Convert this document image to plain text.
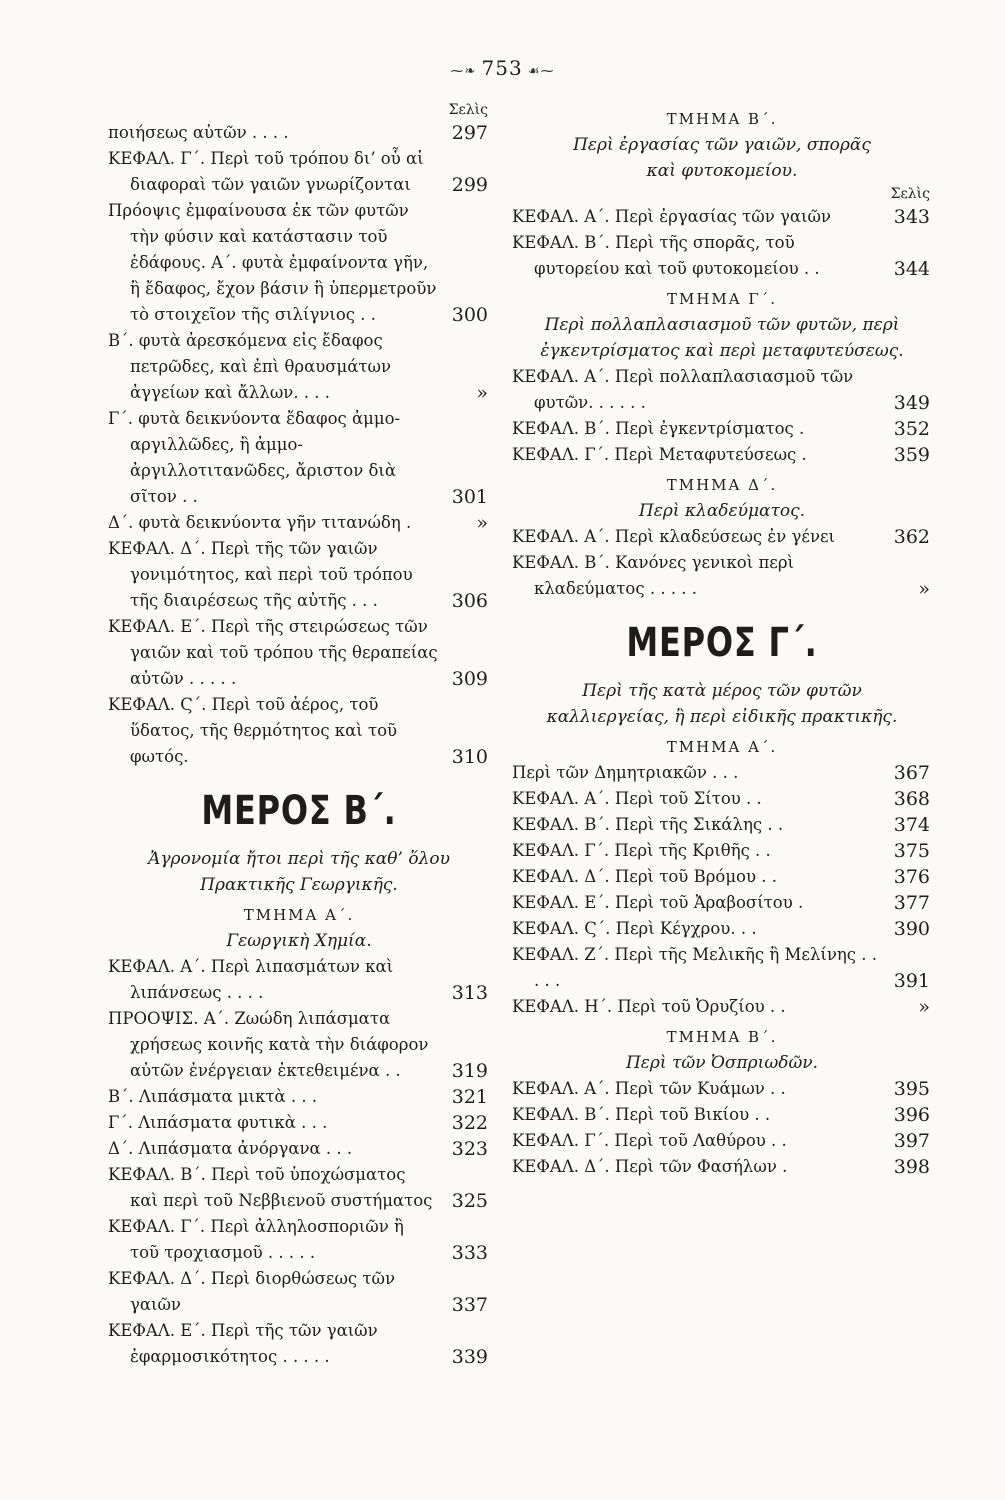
⁓❧ 753 ☙⁓
Σελὶς
ποιήσεως αὐτῶν . . . .	297
ΚΕΦΑΛ. Γ΄. Περὶ τοῦ τρόπου δι’ οὗ αἱ διαφοραὶ τῶν γαιῶν γνωρίζονται	299
Πρόοψις ἐμφαίνουσα ἐκ τῶν φυτῶν τὴν φύσιν καὶ κατάστασιν τοῦ ἐδάφους. Α΄. φυτὰ ἐμφαίνοντα γῆν, ἢ ἔδαφος, ἔχον βάσιν ἢ ὑπερμετροῦν τὸ στοιχεῖον τῆς σιλίγνιος . .	300
Β΄. φυτὰ ἀρεσκόμενα εἰς ἔδαφος πετρῶδες, καὶ ἐπὶ θραυσμάτων ἀγγείων καὶ ἄλλων. . . .	»
Γ΄. φυτὰ δεικνύοντα ἔδαφος ἀμμο-αργιλλῶδες, ἢ ἀμμο-ἀργιλλοτιτανῶδες, ἄριστον διὰ σῖτον . .	301
Δ΄. φυτὰ δεικνύοντα γῆν τιτανώδη .	»
ΚΕΦΑΛ. Δ΄. Περὶ τῆς τῶν γαιῶν γονιμότητος, καὶ περὶ τοῦ τρόπου τῆς διαιρέσεως τῆς αὐτῆς . . .	306
ΚΕΦΑΛ. Ε΄. Περὶ τῆς στειρώσεως τῶν γαιῶν καὶ τοῦ τρόπου τῆς θεραπείας αὐτῶν . . . . .	309
ΚΕΦΑΛ. Ϛ΄. Περὶ τοῦ ἀέρος, τοῦ ὕδατος, τῆς θερμότητος καὶ τοῦ φωτός.	310
ΜΕΡΟΣ Β΄.
Ἀγρονομία ἤτοι περὶ τῆς καθ’ ὅλου
Πρακτικῆς Γεωργικῆς.
ΤΜΗΜΑ Α΄.
Γεωργικὴ Χημία.
ΚΕΦΑΛ. Α΄. Περὶ λιπασμάτων καὶ λιπάνσεως . . . .	313
ΠΡΟΟΨΙΣ. Α΄. Ζωώδη λιπάσματα χρήσεως κοινῆς κατὰ τὴν διάφορον αὐτῶν ἐνέργειαν ἐκτεθειμένα . .	319
Β΄. Λιπάσματα μικτὰ . . .	321
Γ΄. Λιπάσματα φυτικὰ . . .	322
Δ΄. Λιπάσματα ἀνόργανα . . .	323
ΚΕΦΑΛ. Β΄. Περὶ τοῦ ὑποχώσματος καὶ περὶ τοῦ Νεββιενοῦ συστήματος	325
ΚΕΦΑΛ. Γ΄. Περὶ ἀλληλοσποριῶν ἢ τοῦ τροχιασμοῦ . . . . .	333
ΚΕΦΑΛ. Δ΄. Περὶ διορθώσεως τῶν γαιῶν	337
ΚΕΦΑΛ. Ε΄. Περὶ τῆς τῶν γαιῶν ἐφαρμοσικότητος . . . . .	339
ΤΜΗΜΑ Β΄.
Περὶ ἐργασίας τῶν γαιῶν, σπορᾶς
καὶ φυτοκομείου.
Σελὶς
ΚΕΦΑΛ. Α΄. Περὶ ἐργασίας τῶν γαιῶν	343
ΚΕΦΑΛ. Β΄. Περὶ τῆς σπορᾶς, τοῦ φυτορείου καὶ τοῦ φυτοκομείου . .	344
ΤΜΗΜΑ Γ΄.
Περὶ πολλαπλασιασμοῦ τῶν φυτῶν, περὶ ἐγκεντρίσματος καὶ περὶ μεταφυτεύσεως.
ΚΕΦΑΛ. Α΄. Περὶ πολλαπλασιασμοῦ τῶν φυτῶν. . . . . .	349
ΚΕΦΑΛ. Β΄. Περὶ ἐγκεντρίσματος .	352
ΚΕΦΑΛ. Γ΄. Περὶ Μεταφυτεύσεως .	359
ΤΜΗΜΑ Δ΄.
Περὶ κλαδεύματος.
ΚΕΦΑΛ. Α΄. Περὶ κλαδεύσεως ἐν γένει	362
ΚΕΦΑΛ. Β΄. Κανόνες γενικοὶ περὶ κλαδεύματος . . . . .	»
ΜΕΡΟΣ Γ΄.
Περὶ τῆς κατὰ μέρος τῶν φυτῶν
καλλιεργείας, ἢ περὶ εἰδικῆς πρακτικῆς.
ΤΜΗΜΑ Α΄.
Περὶ τῶν Δημητριακῶν . . .	367
ΚΕΦΑΛ. Α΄. Περὶ τοῦ Σίτου . .	368
ΚΕΦΑΛ. Β΄. Περὶ τῆς Σικάλης . .	374
ΚΕΦΑΛ. Γ΄. Περὶ τῆς Κριθῆς . .	375
ΚΕΦΑΛ. Δ΄. Περὶ τοῦ Βρόμου . .	376
ΚΕΦΑΛ. Ε΄. Περὶ τοῦ Ἀραβοσίτου .	377
ΚΕΦΑΛ. Ϛ΄. Περὶ Κέγχρου. . .	390
ΚΕΦΑΛ. Ζ΄. Περὶ τῆς Μελικῆς ἢ Μελίνης . . . . .	391
ΚΕΦΑΛ. Η΄. Περὶ τοῦ Ὀρυζίου . .	»
ΤΜΗΜΑ Β΄.
Περὶ τῶν Ὀσπριωδῶν.
ΚΕΦΑΛ. Α΄. Περὶ τῶν Κυάμων . .	395
ΚΕΦΑΛ. Β΄. Περὶ τοῦ Βικίου . .	396
ΚΕΦΑΛ. Γ΄. Περὶ τοῦ Λαθύρου . .	397
ΚΕΦΑΛ. Δ΄. Περὶ τῶν Φασήλων .	398
